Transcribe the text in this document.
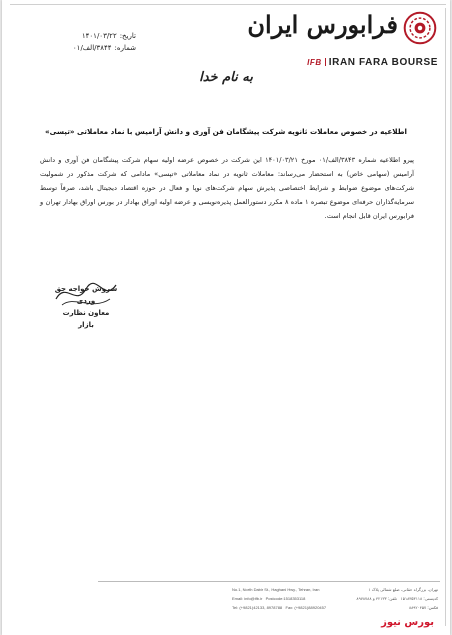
فرابورس ایران
IFB IRAN FARA BOURSE
تاریخ:
۱۴۰۱/۰۳/۲۲
شماره:
۳۸۴۴/الف/۰۱
به نام خدا
اطلاعیه در خصوص معاملات ثانویه شرکت پیشگامان فن آوری و دانش آرامیس با نماد معاملاتی «تپسی»
پیرو اطلاعیه شماره ۳۸۴۳/الف/۰۱ مورخ ۱۴۰۱/۰۳/۲۱ این شرکت در خصوص عرضه اولیه سهام شرکت پیشگامان فن آوری و دانش آرامیس (سهامی خاص) به استحضار می‌رساند: معاملات ثانویه در نماد معاملاتی «تپسی» مادامی که شرکت مذکور در شمولیت شرکت‌های موضوع ضوابط و شرایط اختصاصی پذیرش سهام شرکت‌های نوپا و فعال در حوزه اقتصاد دیجیتال باشد، صرفاً توسط سرمایه‌گذاران حرفه‌ای موضوع تبصره ۱ ماده ۸ مکرر دستورالعمل پذیره‌نویسی و عرضه اولیه اوراق بهادار در بورس اوراق بهادار تهران و فرابورس ایران قابل انجام است.
سروش خواجه حق وردی
معاون نظارت بازار
No.1, North Dabir St., Haghani Hwy., Tehran, Iran
Email: info@ifb.ir Postcode:1518353118
Tel: (+9821)42133, 8978788 Fax: (+9821)88920457
تهران، بزرگراه حقانی، ضلع شمالی پلاک ۱
کدپستی: ۱۵۱۸۳۵۳۱۱۸   تلفن: ۴۲۱۳۳ و ۸۹۷۸۷۸۸
فکس: ۸۸۹۲۰۴۵۷
بورس نیوز
